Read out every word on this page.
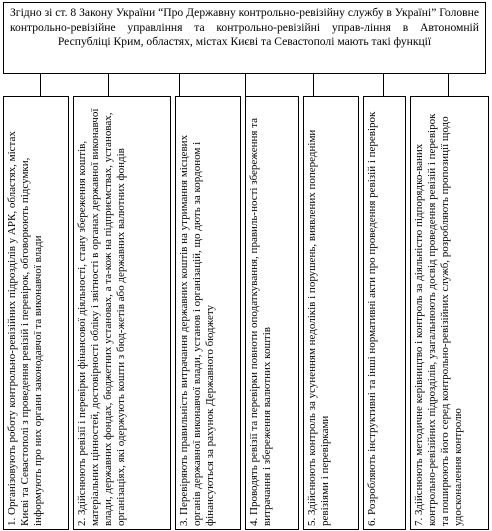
Згідно зі ст. 8 Закону України “Про Державну контрольно-ревізійну службу в Україні” Головне контрольно-ревізійне управління та контрольно-ревізійні управ-ління в Автономній Республіці Крим, областях, містах Києві та Севастополі мають такі функції
1. Організовують роботу контрольно-ревізійних підрозділів у АРК, областях, містах Києві та Севастополі з проведення ревізій і перевірок, обговорюють підсумки, інформують про них органи законодавчої та виконавчої влади	2. Здійснюють ревізії і перевірки фінансової діяльності, стану збереження коштів, матеріальних цінностей, достовірності обліку і звітності в органах державної виконавчої влади, державних фондах, бюджетних установах, а та-кож на підприємствах, установах, організаціях, які одержують кошти з бюд-жетів або державних валютних фондів	3. Перевіряють правильність витрачання державних коштів на утримання місцевих органів державної виконавчої влади, установ і організацій, що дють за кордоном і фінансуються за рахунок Державного бюджету	4. Проводять ревізії та перевірки повноти оподаткування, правиль-ності збереження та витрачання і збереження валютних коштів	5. Здійснюють контроль за усуненням недоліків і порушень, виявлених попередніми ревізіями і перевірками	6. Розробляють інструктивні та інші нормативні акти про проведення ревізій і перевірок	7. Здійснюють методичне керівництво і контроль за діяльністю підпорядко-ваних контрольно-ревізійних підрозділів, узагальнюють досвід проведення ревізій і перевірок та поширюють його серед контрольно-ревізійних служб, розробляють пропозиції щодо удосконалення контролю
